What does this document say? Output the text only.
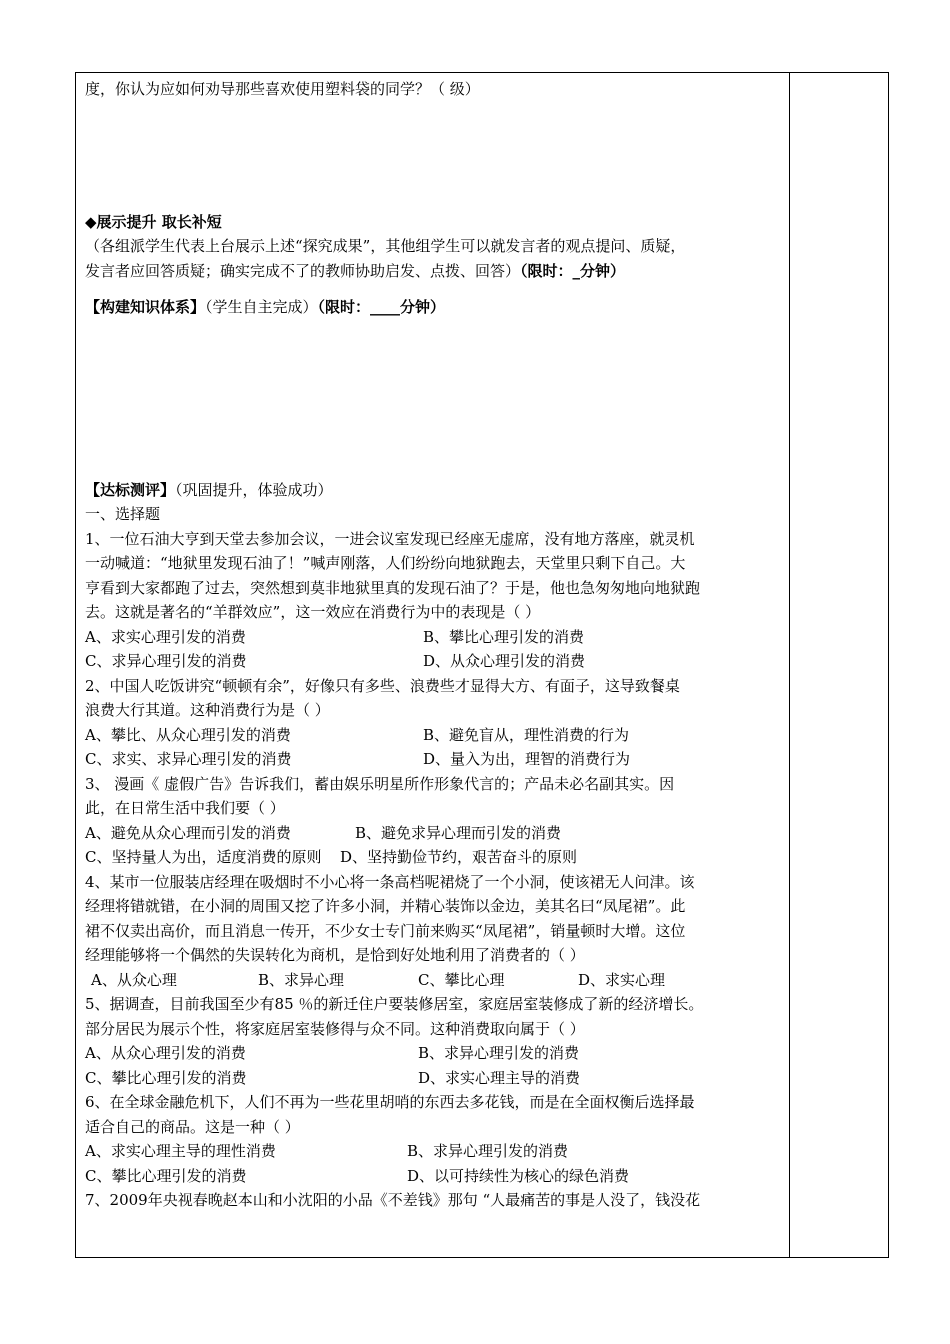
度，你认为应如何劝导那些喜欢使用塑料袋的同学？（ 级）
◆展示提升 取长补短
（各组派学生代表上台展示上述“探究成果”，其他组学生可以就发言者的观点提问、质疑，
发言者应回答质疑；确实完成不了的教师协助启发、点拨、回答）（限时：_分钟）
【构建知识体系】（学生自主完成）（限时：____分钟）
【达标测评】（巩固提升，体验成功）
一、选择题
1、一位石油大亨到天堂去参加会议，一进会议室发现已经座无虚席，没有地方落座，就灵机
一动喊道：“地狱里发现石油了！”喊声刚落，人们纷纷向地狱跑去，天堂里只剩下自己。大
亨看到大家都跑了过去，突然想到莫非地狱里真的发现石油了？于是，他也急匆匆地向地狱跑
去。这就是著名的“羊群效应”，这一效应在消费行为中的表现是（ ）
A、求实心理引发的消费	B、攀比心理引发的消费
C、求异心理引发的消费	D、从众心理引发的消费
2、中国人吃饭讲究“顿顿有余”，好像只有多些、浪费些才显得大方、有面子，这导致餐桌
浪费大行其道。这种消费行为是（ ）
A、攀比、从众心理引发的消费	B、避免盲从，理性消费的行为
C、求实、求异心理引发的消费	D、量入为出，理智的消费行为
3、 漫画《 虚假广告》告诉我们，蓄由娱乐明星所作形象代言的；产品未必名副其实。因
此，在日常生活中我们要（ ）
A、避免从众心理而引发的消费	B、避免求异心理而引发的消费
C、坚持量人为出，适度消费的原则	D、坚持勤俭节约，艰苦奋斗的原则
4、某市一位服装店经理在吸烟时不小心将一条高档呢裙烧了一个小洞，使该裙无人问津。该
经理将错就错，在小洞的周围又挖了许多小洞，并精心装饰以金边，美其名曰“凤尾裙”。此
裙不仅卖出高价，而且消息一传开，不少女士专门前来购买“凤尾裙”，销量顿时大增。这位
经理能够将一个偶然的失误转化为商机，是恰到好处地利用了消费者的（ ）
A、从众心理	B、求异心理	C、攀比心理	D、求实心理
5、据调查，目前我国至少有85 ％的新迁住户要装修居室，家庭居室装修成了新的经济增长。
部分居民为展示个性，将家庭居室装修得与众不同。这种消费取向属于（ ）
A、从众心理引发的消费	B、求异心理引发的消费
C、攀比心理引发的消费	D、求实心理主导的消费
6、在全球金融危机下，人们不再为一些花里胡哨的东西去多花钱，而是在全面权衡后选择最
适合自己的商品。这是一种（ ）
A、求实心理主导的理性消费	B、求异心理引发的消费
C、攀比心理引发的消费	D、以可持续性为核心的绿色消费
7、2009年央视春晚赵本山和小沈阳的小品《不差钱》那句 “人最痛苦的事是人没了，钱没花
